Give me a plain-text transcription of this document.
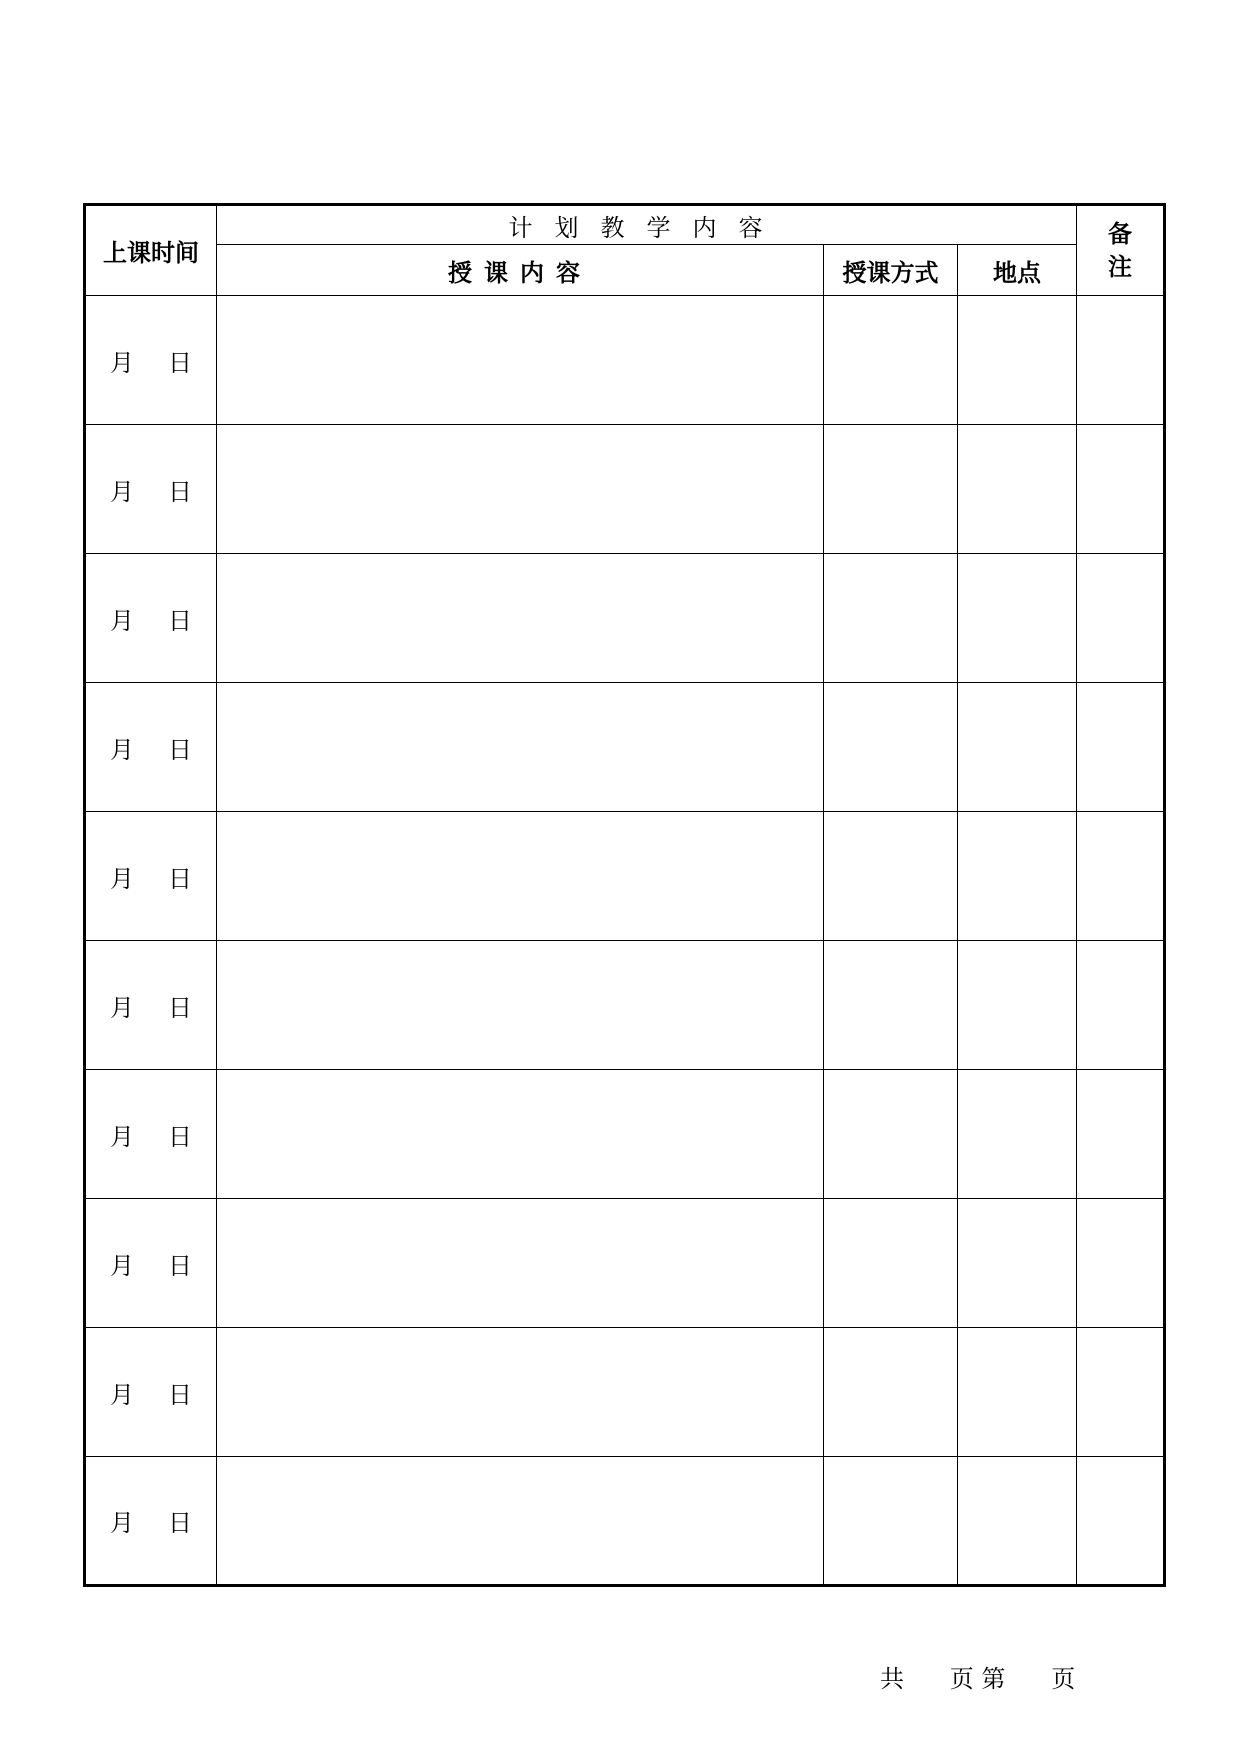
上课时间	计划教学内容			备
注

	授课内容	授课方式	地点	
月 日				
月 日				
月 日				
月 日				
月 日				
月 日				
月 日				
月 日				
月 日				
月 日				
共 页 第 页
